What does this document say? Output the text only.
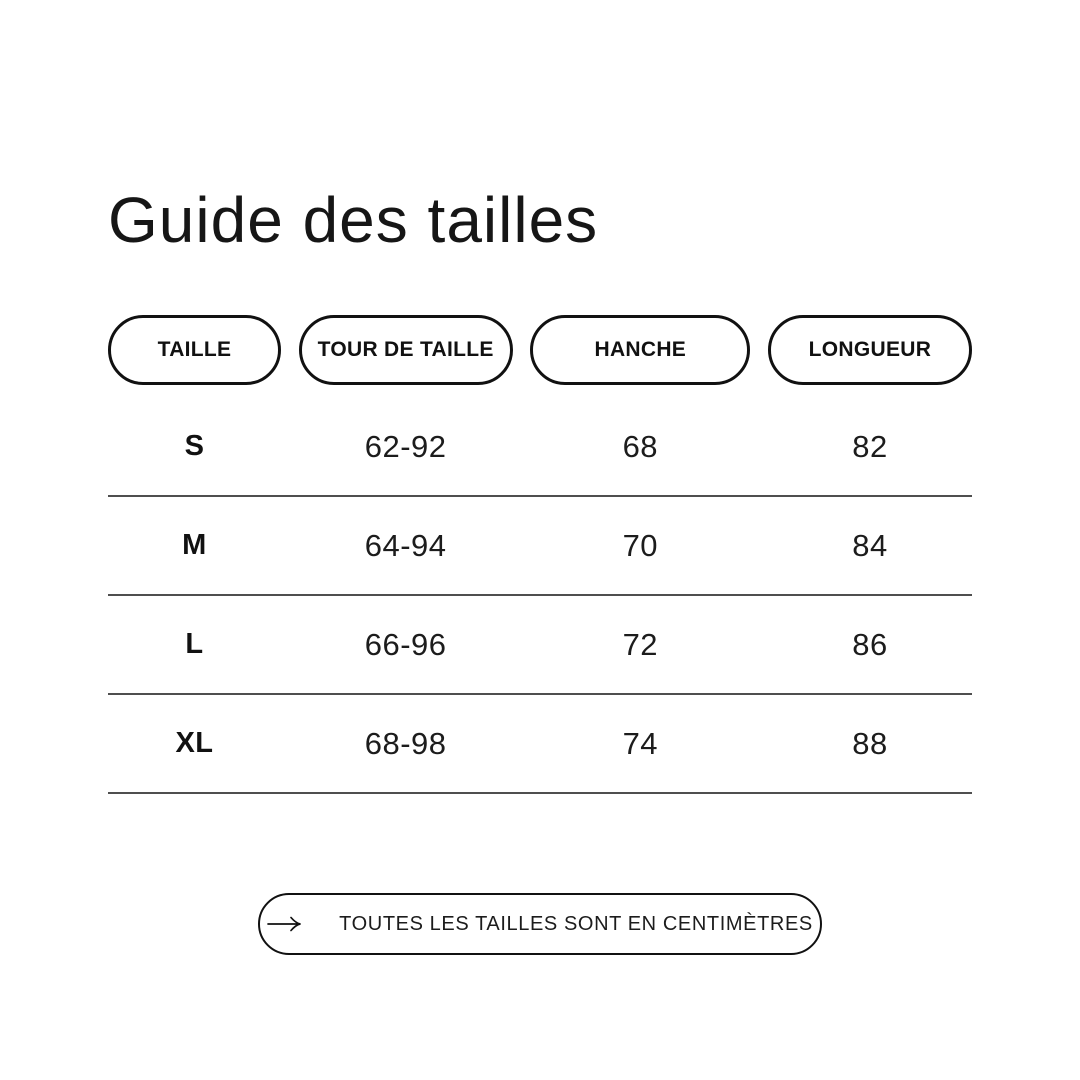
Guide des tailles
TAILLE	TOUR DE TAILLE	HANCHE	LONGUEUR
S	62-92	68	82
M	64-94	70	84
L	66-96	72	86
XL	68-98	74	88
TOUTES LES TAILLES SONT EN CENTIMÈTRES
